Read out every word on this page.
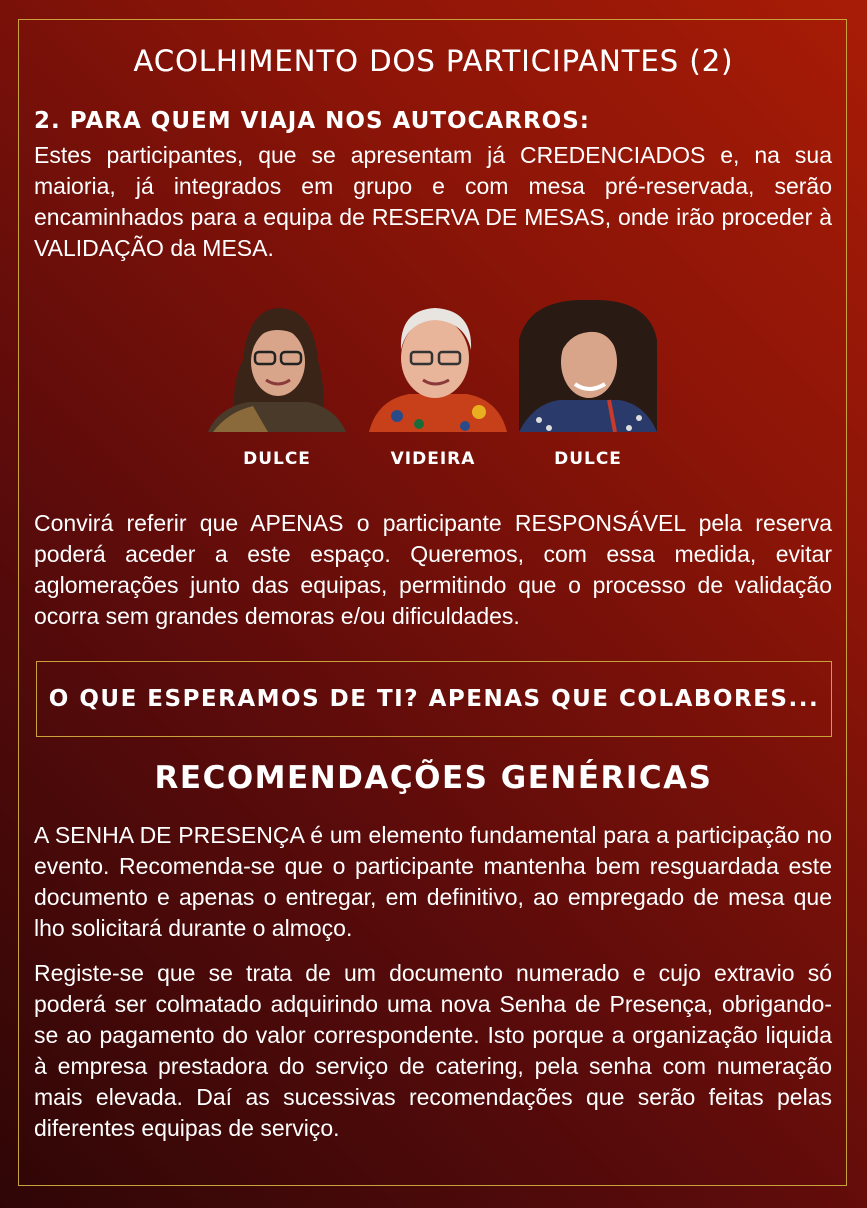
ACOLHIMENTO DOS PARTICIPANTES (2)
2. PARA QUEM VIAJA NOS AUTOCARROS:
Estes participantes, que se apresentam já CREDENCIADOS e, na sua maioria, já integrados em grupo e com mesa pré-reservada, serão encaminhados para a equipa de RESERVA DE MESAS, onde irão proceder à VALIDAÇÃO da MESA.
DULCE	VIDEIRA	DULCE
Convirá referir que APENAS o participante RESPONSÁVEL pela reserva poderá aceder a este espaço. Queremos, com essa medida, evitar aglomerações junto das equipas, permitindo que o processo de validação ocorra sem grandes demoras e/ou dificuldades.
O QUE ESPERAMOS DE TI? APENAS QUE COLABORES...
RECOMENDAÇÕES GENÉRICAS
A SENHA DE PRESENÇA é um elemento fundamental para a participação no evento. Recomenda-se que o participante mantenha bem resguardada este documento e apenas o entregar, em definitivo, ao empregado de mesa que lho solicitará durante o almoço.
Registe-se que se trata de um documento numerado e cujo extravio só poderá ser colmatado adquirindo uma nova Senha de Presença, obrigando-se ao pagamento do valor correspondente. Isto porque a organização liquida à empresa prestadora do serviço de catering, pela senha com numeração mais elevada. Daí as sucessivas recomendações que serão feitas pelas diferentes equipas de serviço.
